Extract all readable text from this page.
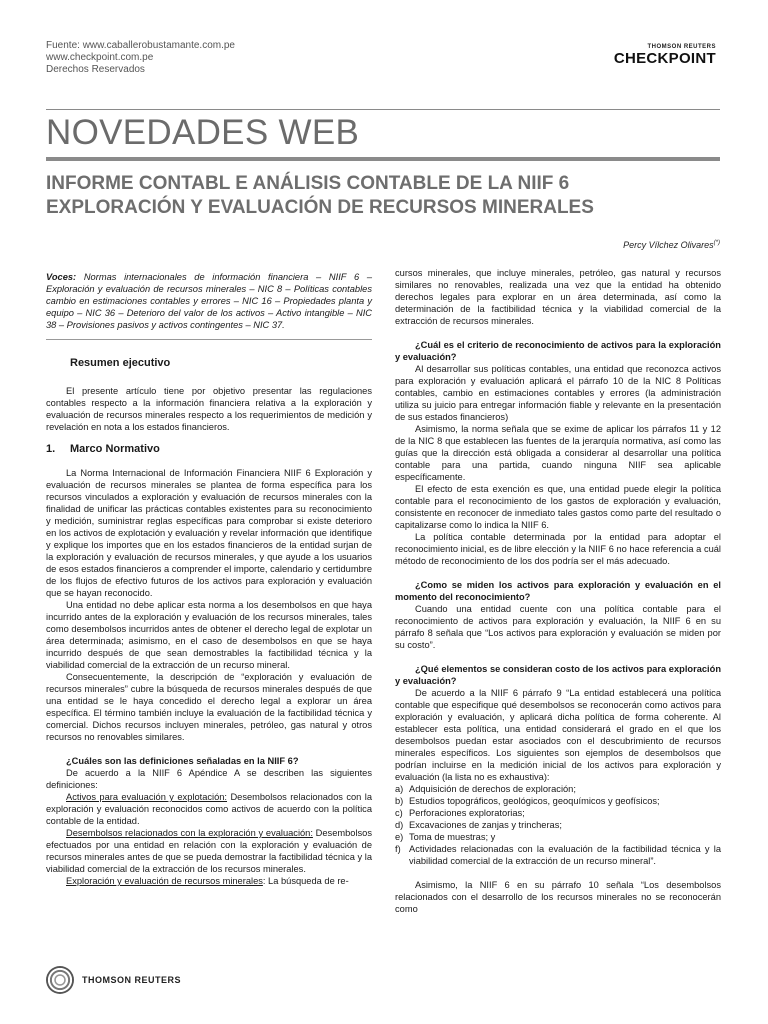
Fuente: www.caballerobustamante.com.pe
www.checkpoint.com.pe
Derechos Reservados
THOMSON REUTERS
CHECKPOINT
NOVEDADES WEB
INFORME CONTABL E ANÁLISIS CONTABLE DE LA NIIF 6
EXPLORACIÓN Y EVALUACIÓN DE RECURSOS MINERALES
Percy Vílchez Olivares(*)

Voces: Normas internacionales de información financiera – NIIF 6 – Exploración y evaluación de recursos minerales – NIC 8 – Políticas contables cambio en estimaciones contables y errores – NIC 16 – Propiedades planta y equipo – NIC 36 – Deterioro del valor de los activos – Activo intangible – NIC 38 – Provisiones pasivos y activos contingentes – NIC 37.

Resumen ejecutivo

El presente artículo tiene por objetivo presentar las regulaciones contables respecto a la información financiera relativa a la exploración y evaluación de recursos minerales respecto a los requerimientos de medición y revelación en nota a los estados financieros.

1. Marco Normativo

La Norma Internacional de Información Financiera NIIF 6 Exploración y evaluación de recursos minerales se plantea de forma específica para los recursos vinculados a exploración y evaluación de recursos minerales con la finalidad de unificar las prácticas contables existentes para su reconocimiento y medición, suministrar reglas específicas para comprobar si existe deterioro en los activos de explotación y evaluación y revelar información que identifique y explique los importes que en los estados financieros de la entidad surjan de la exploración y evaluación de recursos minerales, y que ayude a los usuarios de esos estados financieros a comprender el importe, calendario y certidumbre de los flujos de efectivo futuros de los activos para exploración y evaluación que se hayan reconocido.

Una entidad no debe aplicar esta norma a los desembolsos en que haya incurrido antes de la exploración y evaluación de los recursos minerales, tales como desembolsos incurridos antes de obtener el derecho legal de explotar un área determinada; asimismo, en el caso de desembolsos en que se haya incurrido después de que sean demostrables la factibilidad técnica y la viabilidad comercial de la extracción de un recurso mineral.

Consecuentemente, la descripción de “exploración y evaluación de recursos minerales” cubre la búsqueda de recursos minerales después de que una entidad se le haya concedido el derecho legal a explorar un área específica. El término también incluye la evaluación de la factibilidad técnica y comercial. Dichos recursos incluyen minerales, petróleo, gas natural y otros recursos no renovables similares.

¿Cuáles son las definiciones señaladas en la NIIF 6?

De acuerdo a la NIIF 6 Apéndice A se describen las siguientes definiciones:

Activos para evaluación y explotación: Desembolsos relacionados con la exploración y evaluación reconocidos como activos de acuerdo con la política contable de la entidad.

Desembolsos relacionados con la exploración y evaluación: Desembolsos efectuados por una entidad en relación con la exploración y evaluación de recursos minerales antes de que se pueda demostrar la factibilidad técnica y la viabilidad comercial de la extracción de los recursos minerales.

Exploración y evaluación de recursos minerales: La búsqueda de re-

cursos minerales, que incluye minerales, petróleo, gas natural y recursos similares no renovables, realizada una vez que la entidad ha obtenido derechos legales para explorar en un área determinada, así como la determinación de la factibilidad técnica y la viabilidad comercial de la extracción de recursos minerales.

¿Cuál es el criterio de reconocimiento de activos para la exploración y evaluación?

Al desarrollar sus políticas contables, una entidad que reconozca activos para exploración y evaluación aplicará el párrafo 10 de la NIC 8 Políticas contables, cambio en estimaciones contables y errores (la administración utiliza su juicio para entregar información fiable y relevante en la presentación de sus estados financieros)

Asimismo, la norma señala que se exime de aplicar los párrafos 11 y 12 de la NIC 8 que establecen las fuentes de la jerarquía normativa, así como las guías que la dirección está obligada a considerar al desarrollar una política contable para una partida, cuando ninguna NIIF sea aplicable específicamente.

El efecto de esta exención es que, una entidad puede elegir la política contable para el reconocimiento de los gastos de exploración y evaluación, consistente en reconocer de inmediato tales gastos como parte del resultado o capitalizarse como lo indica la NIIF 6.

La política contable determinada por la entidad para adoptar el reconocimiento inicial, es de libre elección y la NIIF 6 no hace referencia a cuál método de reconocimiento de los dos podría ser el más adecuado.

¿Como se miden los activos para exploración y evaluación en el momento del reconocimiento?

Cuando una entidad cuente con una política contable para el reconocimiento de activos para exploración y evaluación, la NIIF 6 en su párrafo 8 señala que “Los activos para exploración y evaluación se miden por su costo”.

¿Qué elementos se consideran costo de los activos para exploración y evaluación?

De acuerdo a la NIIF 6 párrafo 9 “La entidad establecerá una política contable que especifique qué desembolsos se reconocerán como activos para exploración y evaluación, y aplicará dicha política de forma coherente. Al establecer esta política, una entidad considerará el grado en el que los desembolsos puedan estar asociados con el descubrimiento de recursos minerales específicos. Los siguientes son ejemplos de desembolsos que podrían incluirse en la medición inicial de los activos para exploración y evaluación (la lista no es exhaustiva):

a) Adquisición de derechos de exploración;
b) Estudios topográficos, geológicos, geoquímicos y geofísicos;
c) Perforaciones exploratorias;
d) Excavaciones de zanjas y trincheras;
e) Toma de muestras; y
f) Actividades relacionadas con la evaluación de la factibilidad técnica y la viabilidad comercial de la extracción de un recurso mineral”.

Asimismo, la NIIF 6 en su párrafo 10 señala “Los desembolsos relacionados con el desarrollo de los recursos minerales no se reconocerán como

THOMSON REUTERS
